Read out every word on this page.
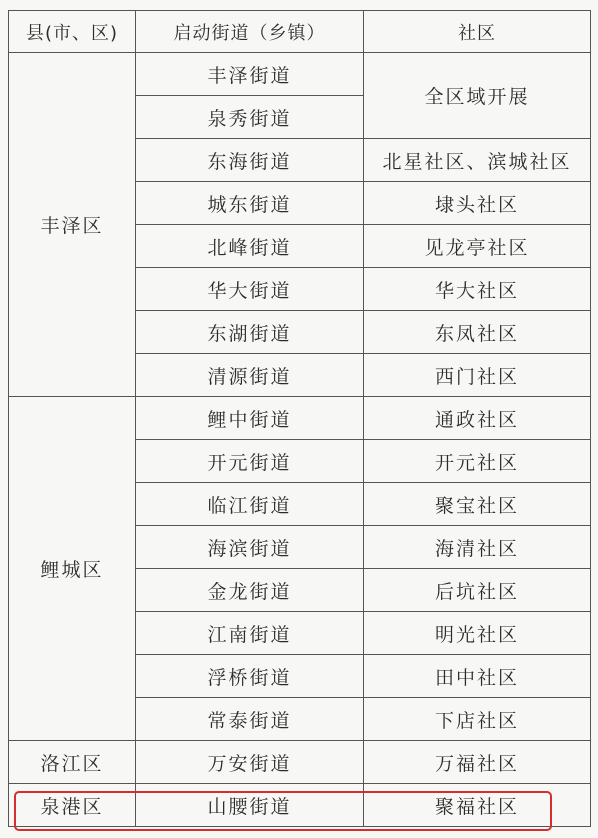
县(市、区)	启动街道（乡镇）	社区
丰泽区	丰泽街道	全区域开展
	泉秀街道	
	东海街道	北星社区、滨城社区
	城东街道	埭头社区
	北峰街道	见龙亭社区
	华大街道	华大社区
	东湖街道	东凤社区
	清源街道	西门社区
鲤城区	鲤中街道	通政社区
	开元街道	开元社区
	临江街道	聚宝社区
	海滨街道	海清社区
	金龙街道	后坑社区
	江南街道	明光社区
	浮桥街道	田中社区
	常泰街道	下店社区
洛江区	万安街道	万福社区
泉港区	山腰街道	聚福社区
